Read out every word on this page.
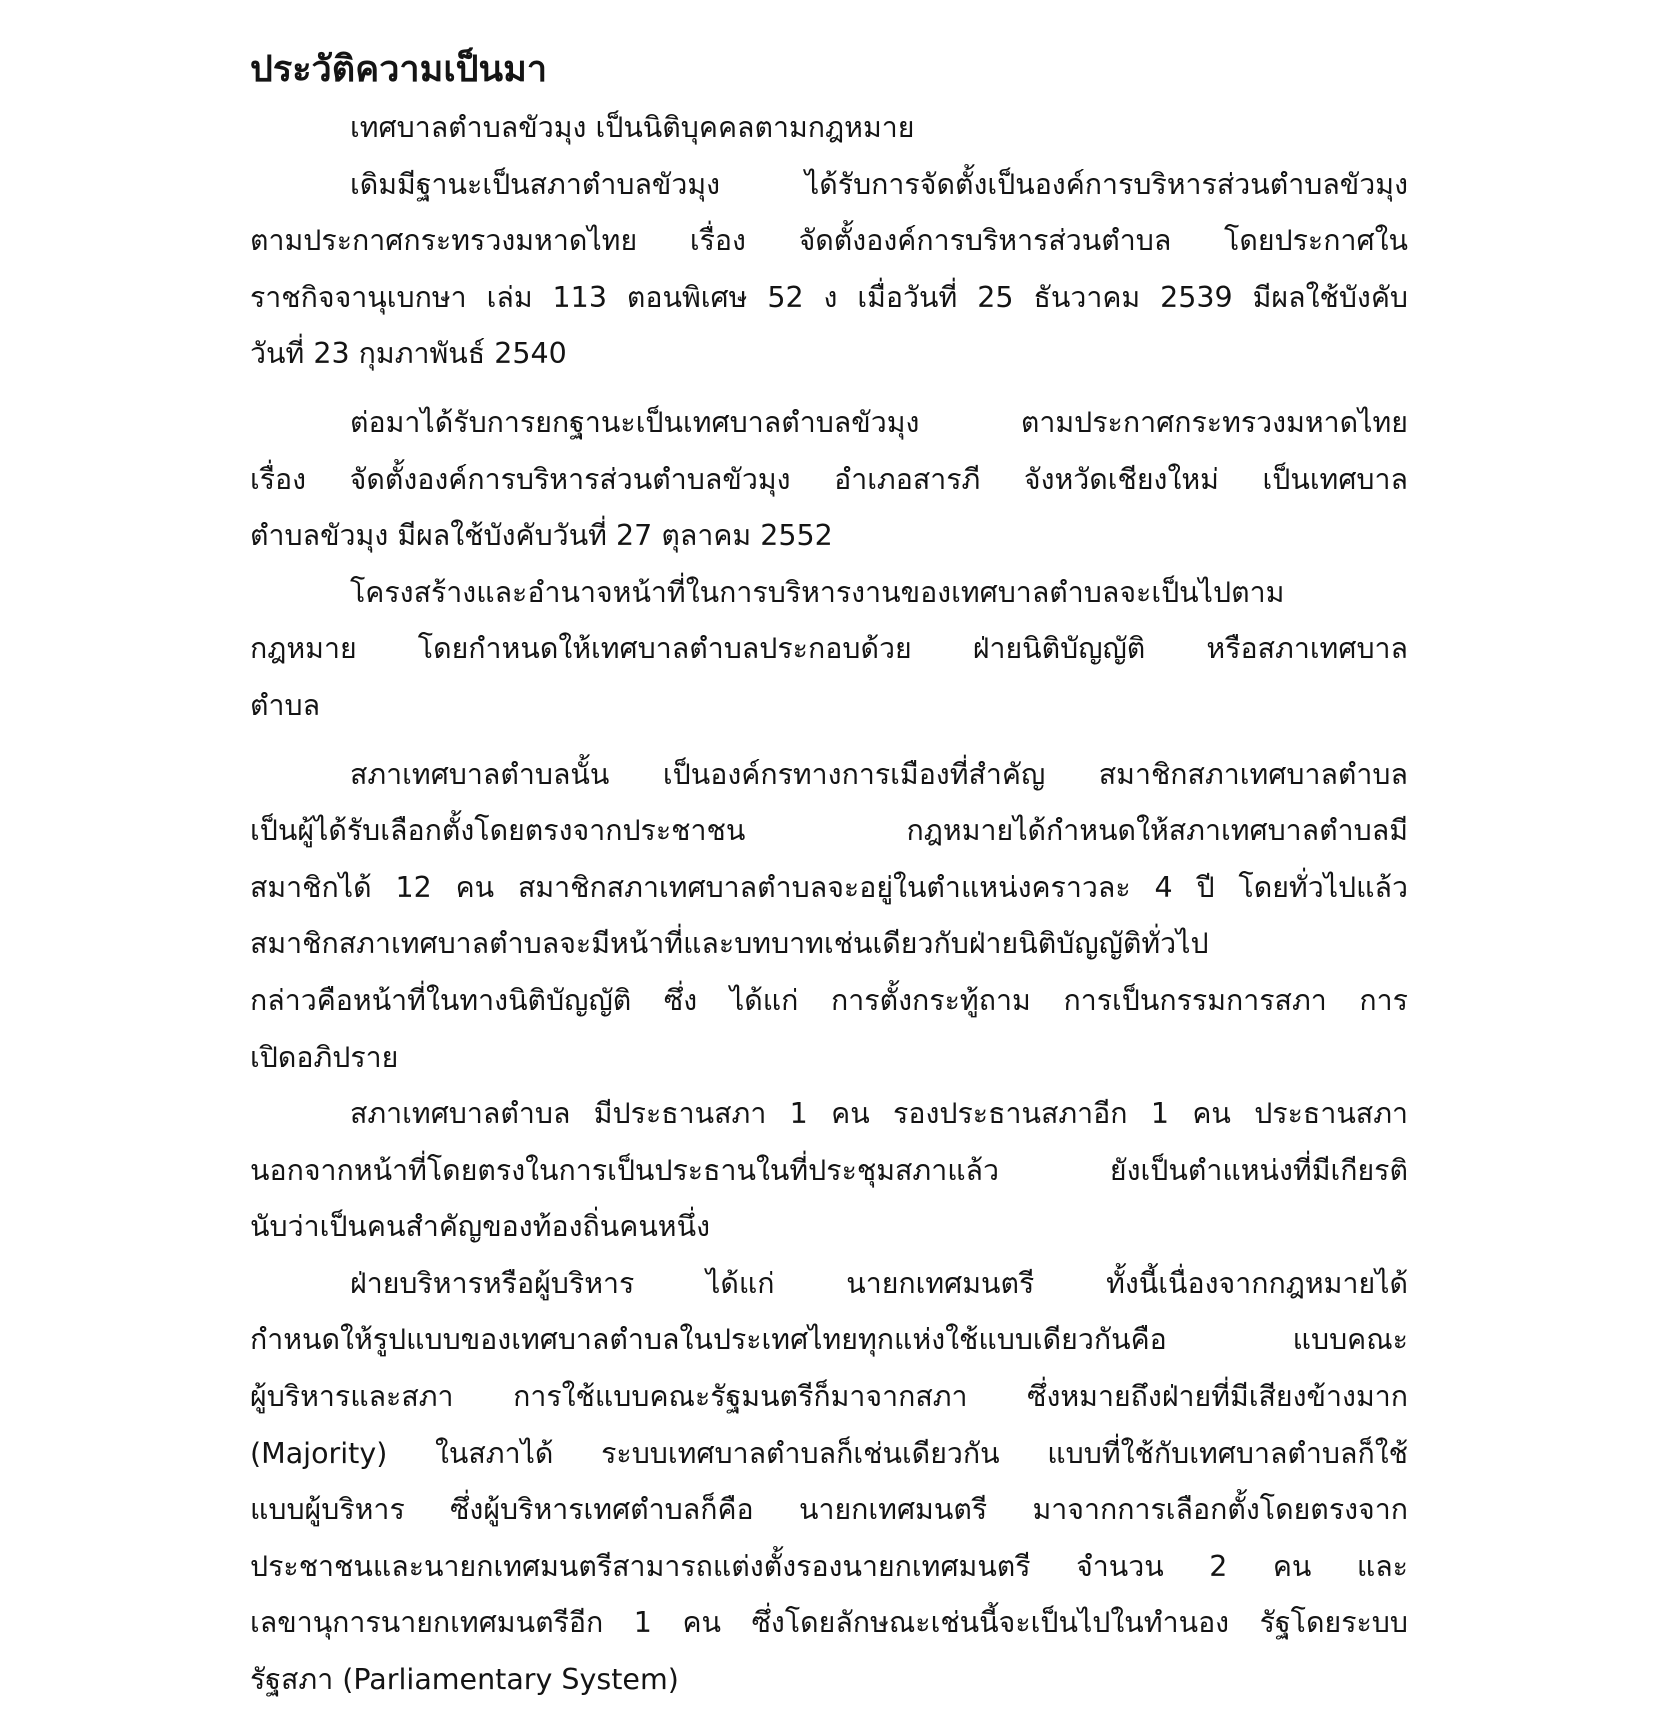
ประวัติความเป็นมา
เทศบาลตำบลขัวมุง เป็นนิติบุคคลตามกฎหมาย
เดิมมีฐานะเป็นสภาตำบลขัวมุง ได้รับการจัดตั้งเป็นองค์การบริหารส่วนตำบลขัวมุง
ตามประกาศกระทรวงมหาดไทย เรื่อง จัดตั้งองค์การบริหารส่วนตำบล โดยประกาศใน
ราชกิจจานุเบกษา เล่ม 113 ตอนพิเศษ 52 ง เมื่อวันที่ 25 ธันวาคม 2539 มีผลใช้บังคับ
วันที่ 23 กุมภาพันธ์ 2540
ต่อมาได้รับการยกฐานะเป็นเทศบาลตำบลขัวมุง ตามประกาศกระทรวงมหาดไทย
เรื่อง จัดตั้งองค์การบริหารส่วนตำบลขัวมุง อำเภอสารภี จังหวัดเชียงใหม่ เป็นเทศบาล
ตำบลขัวมุง มีผลใช้บังคับวันที่ 27 ตุลาคม 2552
โครงสร้างและอำนาจหน้าที่ในการบริหารงานของเทศบาลตำบลจะเป็นไปตาม
กฎหมาย โดยกำหนดให้เทศบาลตำบลประกอบด้วย ฝ่ายนิติบัญญัติ หรือสภาเทศบาล
ตำบล
สภาเทศบาลตำบลนั้น เป็นองค์กรทางการเมืองที่สำคัญ สมาชิกสภาเทศบาลตำบล
เป็นผู้ได้รับเลือกตั้งโดยตรงจากประชาชน กฎหมายได้กำหนดให้สภาเทศบาลตำบลมี
สมาชิกได้ 12 คน สมาชิกสภาเทศบาลตำบลจะอยู่ในตำแหน่งคราวละ 4 ปี โดยทั่วไปแล้ว
สมาชิกสภาเทศบาลตำบลจะมีหน้าที่และบทบาทเช่นเดียวกับฝ่ายนิติบัญญัติทั่วไป
กล่าวคือหน้าที่ในทางนิติบัญญัติ ซึ่ง ได้แก่ การตั้งกระทู้ถาม การเป็นกรรมการสภา การ
เปิดอภิปราย
สภาเทศบาลตำบล มีประธานสภา 1 คน รองประธานสภาอีก 1 คน ประธานสภา
นอกจากหน้าที่โดยตรงในการเป็นประธานในที่ประชุมสภาแล้ว ยังเป็นตำแหน่งที่มีเกียรติ
นับว่าเป็นคนสำคัญของท้องถิ่นคนหนึ่ง
ฝ่ายบริหารหรือผู้บริหาร ได้แก่ นายกเทศมนตรี ทั้งนี้เนื่องจากกฎหมายได้
กำหนดให้รูปแบบของเทศบาลตำบลในประเทศไทยทุกแห่งใช้แบบเดียวกันคือ แบบคณะ
ผู้บริหารและสภา การใช้แบบคณะรัฐมนตรีก็มาจากสภา ซึ่งหมายถึงฝ่ายที่มีเสียงข้างมาก
(Majority) ในสภาได้ ระบบเทศบาลตำบลก็เช่นเดียวกัน แบบที่ใช้กับเทศบาลตำบลก็ใช้
แบบผู้บริหาร ซึ่งผู้บริหารเทศตำบลก็คือ นายกเทศมนตรี มาจากการเลือกตั้งโดยตรงจาก
ประชาชนและนายกเทศมนตรีสามารถแต่งตั้งรองนายกเทศมนตรี จำนวน 2 คน และ
เลขานุการนายกเทศมนตรีอีก 1 คน ซึ่งโดยลักษณะเช่นนี้จะเป็นไปในทำนอง รัฐโดยระบบ
รัฐสภา (Parliamentary System)
